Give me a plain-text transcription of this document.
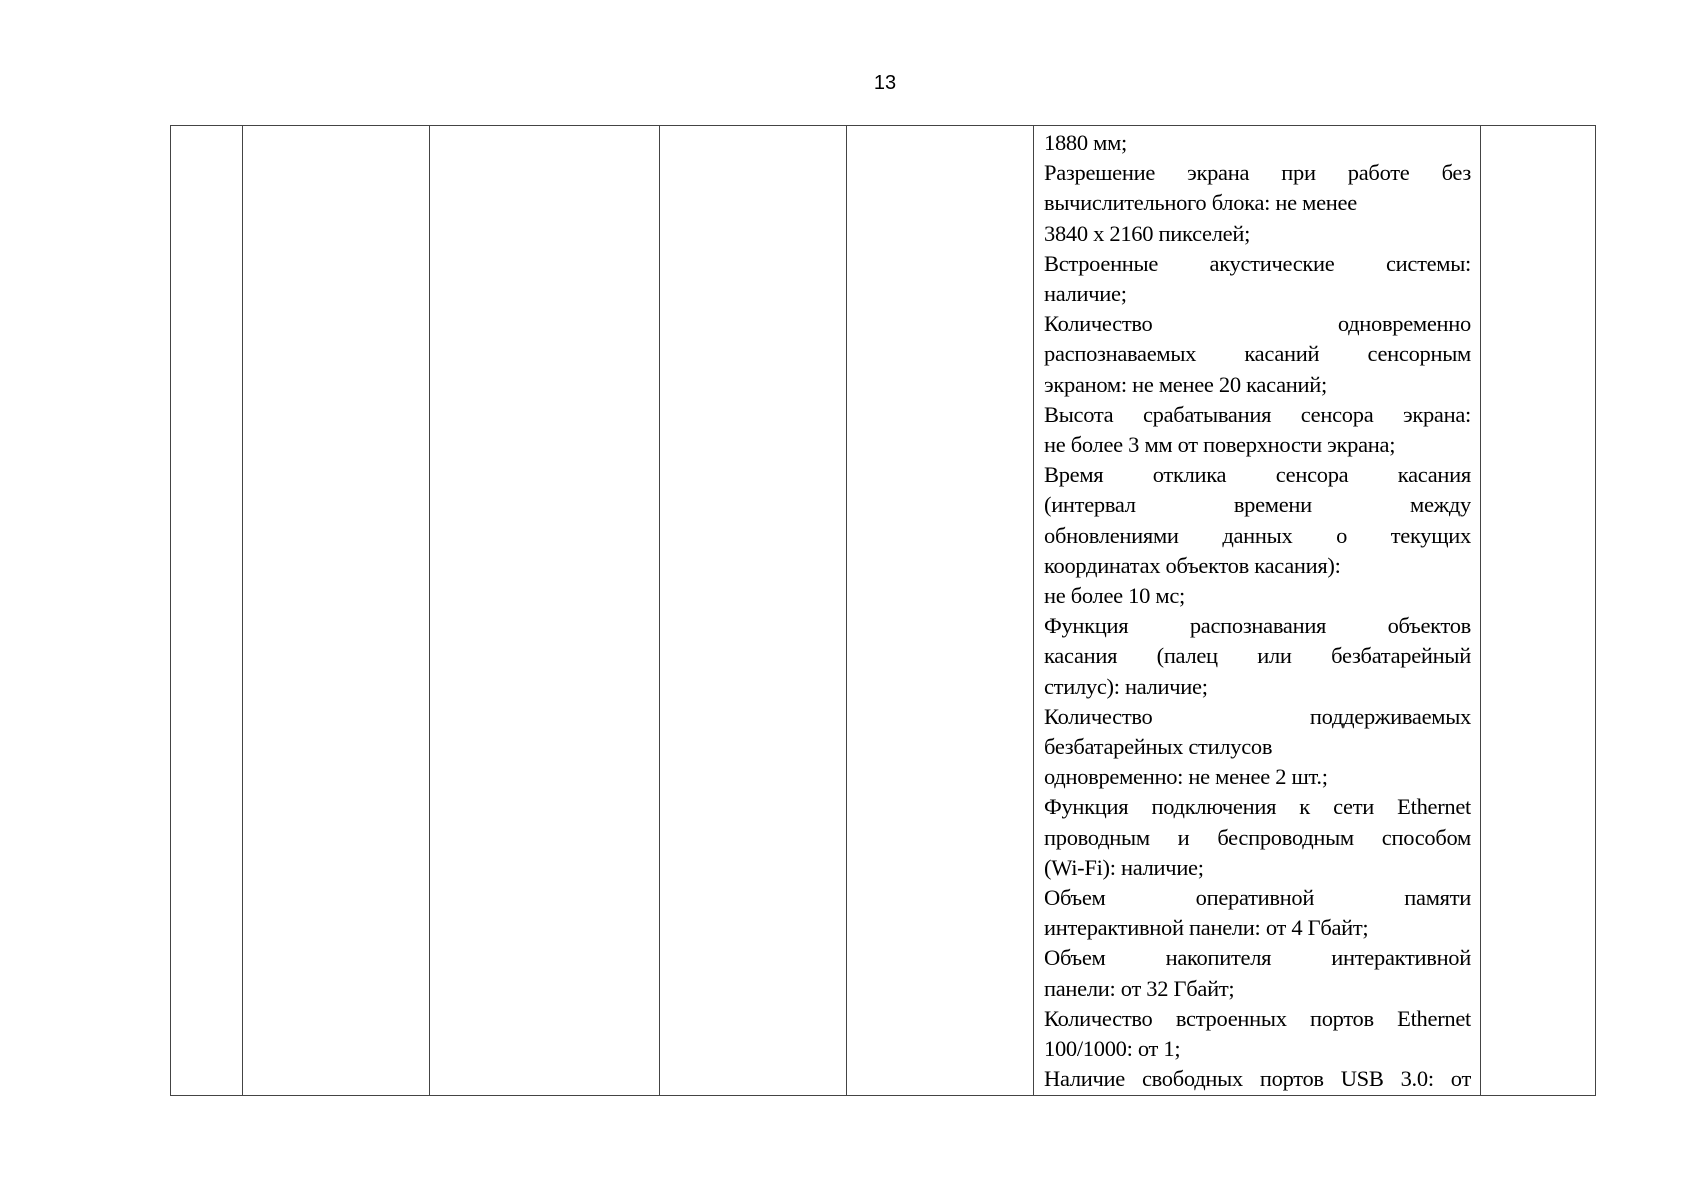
13

1880 мм;
Разрешение экрана при работе без
вычислительного блока: не менее
3840 x 2160 пикселей;
Встроенные акустические системы:
наличие;
Количество	одновременно
распознаваемых касаний сенсорным
экраном: не менее 20 касаний;
Высота срабатывания сенсора экрана:
не более 3 мм от поверхности экрана;
Время отклика сенсора касания
(интервал	времени	между
обновлениями данных о текущих
координатах объектов касания):
не более 10 мс;
Функция	распознавания	объектов
касания (палец или безбатарейный
стилус): наличие;
Количество	поддерживаемых
безбатарейных стилусов
одновременно: не менее 2 шт.;
Функция подключения к сети Ethernet
проводным и беспроводным способом
(Wi-Fi): наличие;
Объем	оперативной	памяти
интерактивной панели: от 4 Гбайт;
Объем	накопителя	интерактивной
панели: от 32 Гбайт;
Количество встроенных портов Ethernet
100/1000: от 1;
Наличие свободных портов USB 3.0: от
